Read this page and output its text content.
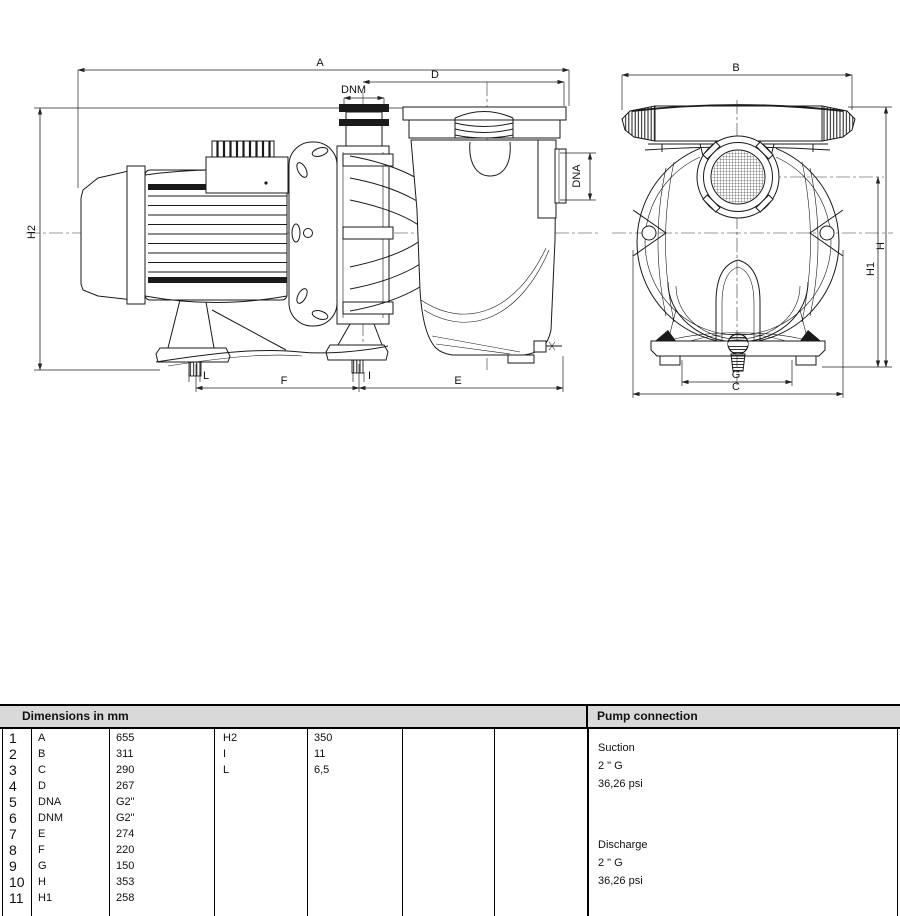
A
D
DNM
H2
L	F	I	E
DNA
B
H
H1
G
C
Dimensions in mm	Pump connection
1	A	655	H2	350
2	B	311	I	11
3	C	290	L	6,5
4	D	267
5	DNA	G2"
6	DNM	G2"
7	E	274
8	F	220
9	G	150
10	H	353
11	H1	258
Suction
2 " G
36,26 psi
Discharge
2 " G
36,26 psi
